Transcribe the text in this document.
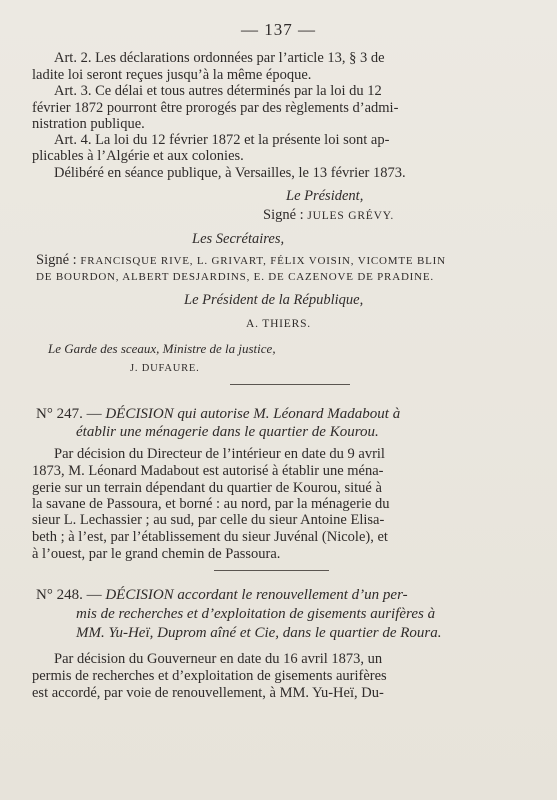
— 137 —
Art. 2. Les déclarations ordonnées par l’article 13, § 3 de
ladite loi seront reçues jusqu’à la même époque.
Art. 3. Ce délai et tous autres déterminés par la loi du 12
février 1872 pourront être prorogés par des règlements d’admi-
nistration publique.
Art. 4. La loi du 12 février 1872 et la présente loi sont ap-
plicables à l’Algérie et aux colonies.
Délibéré en séance publique, à Versailles, le 13 février 1873.
Le Président,
Signé : JULES GRÉVY.
Les Secrétaires,
Signé : FRANCISQUE RIVE, L. GRIVART, FÉLIX VOISIN, VICOMTE BLIN
DE BOURDON, ALBERT DESJARDINS, E. DE CAZENOVE DE PRADINE.
Le Président de la République,
A. THIERS.
Le Garde des sceaux, Ministre de la justice,
J. DUFAURE.
N° 247. — DÉCISION qui autorise M. Léonard Madabout à
établir une ménagerie dans le quartier de Kourou.
Par décision du Directeur de l’intérieur en date du 9 avril
1873, M. Léonard Madabout est autorisé à établir une ména-
gerie sur un terrain dépendant du quartier de Kourou, situé à
la savane de Passoura, et borné : au nord, par la ménagerie du
sieur L. Lechassier ; au sud, par celle du sieur Antoine Elisa-
beth ; à l’est, par l’établissement du sieur Juvénal (Nicole), et
à l’ouest, par le grand chemin de Passoura.
N° 248. — DÉCISION accordant le renouvellement d’un per-
mis de recherches et d’exploitation de gisements aurifères à
MM. Yu-Heï, Duprom aîné et Cie, dans le quartier de Roura.
Par décision du Gouverneur en date du 16 avril 1873, un
permis de recherches et d’exploitation de gisements aurifères
est accordé, par voie de renouvellement, à MM. Yu-Heï, Du-
